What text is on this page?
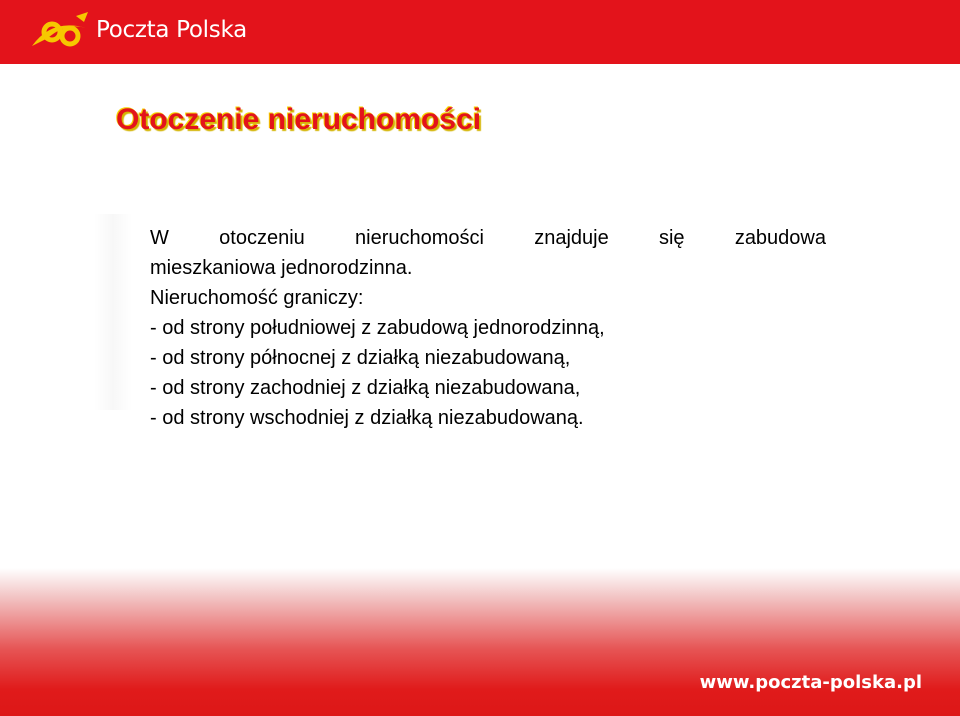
Poczta Polska
Otoczenie nieruchomości

W	otoczeniu	nieruchomości	znajduje	się	zabudowa

mieszkaniowa jednorodzinna.

Nieruchomość graniczy:

- od strony południowej z zabudową jednorodzinną,

- od strony północnej z działką niezabudowaną,

- od strony zachodniej z działką niezabudowana,

- od strony wschodniej z działką niezabudowaną.

www.poczta-polska.pl
